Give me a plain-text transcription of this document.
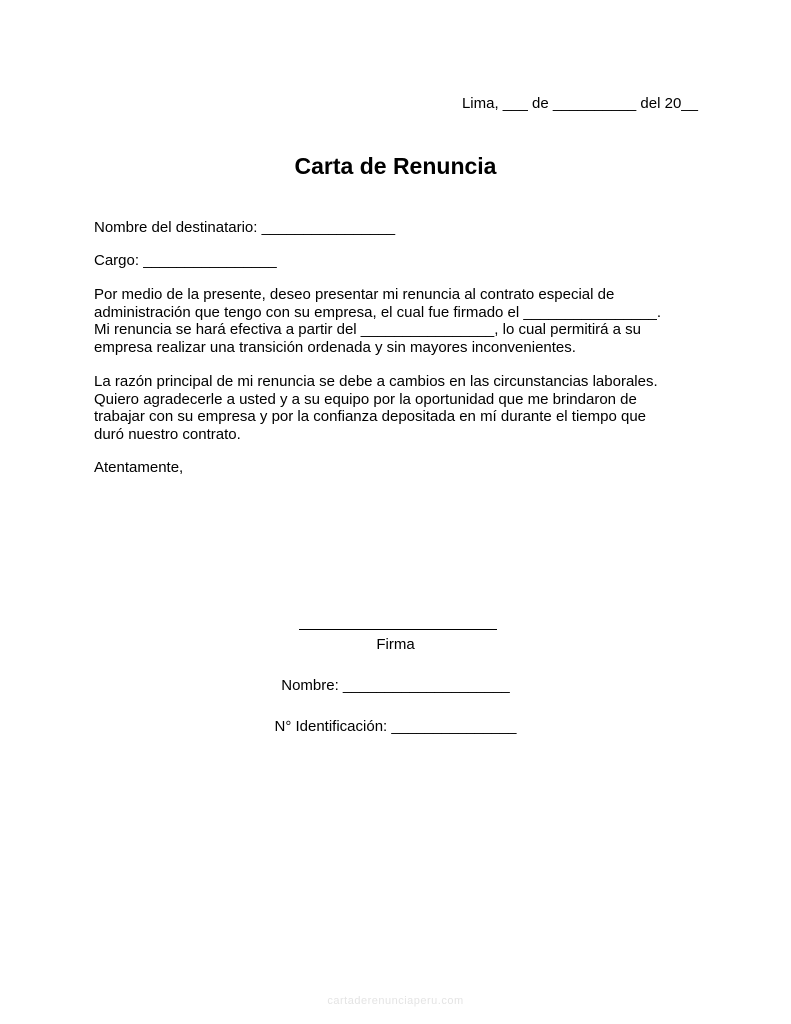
Lima, ___ de __________ del 20__

Carta de Renuncia

Nombre del destinatario: ________________

Cargo: ________________

Por medio de la presente, deseo presentar mi renuncia al contrato especial de
administración que tengo con su empresa, el cual fue firmado el ________________.
Mi renuncia se hará efectiva a partir del ________________, lo cual permitirá a su
empresa realizar una transición ordenada y sin mayores inconvenientes.
La razón principal de mi renuncia se debe a cambios en las circunstancias laborales.
Quiero agradecerle a usted y a su equipo por la oportunidad que me brindaron de
trabajar con su empresa y por la confianza depositada en mí durante el tiempo que
duró nuestro contrato.

Atentamente,

Firma

Nombre: ____________________

N° Identificación: _______________

cartaderenunciaperu.com
